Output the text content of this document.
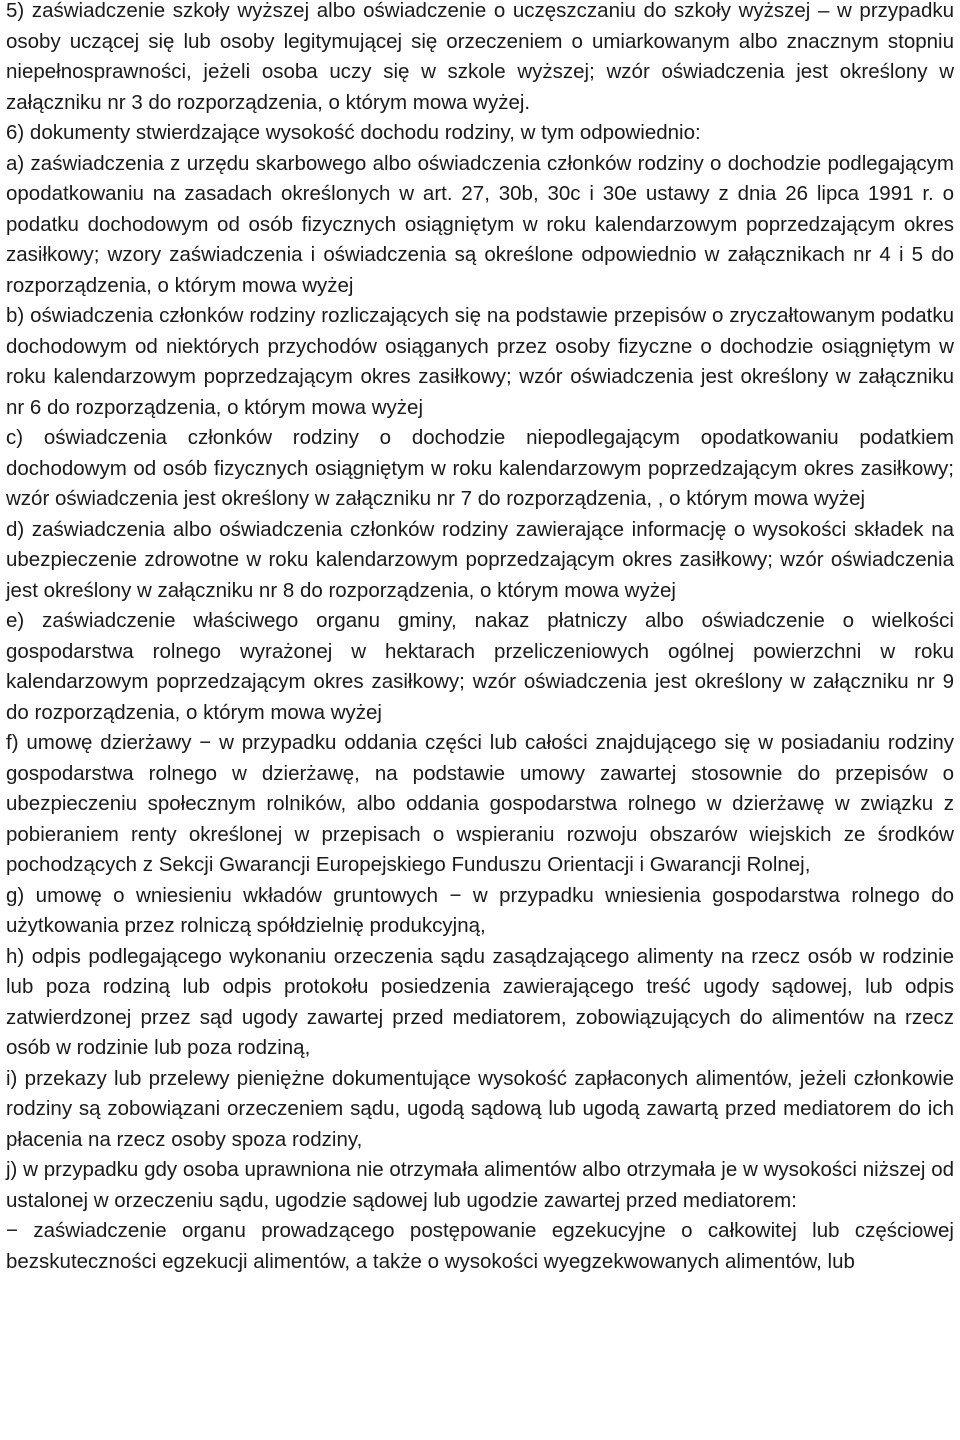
5) zaświadczenie szkoły wyższej albo oświadczenie o uczęszczaniu do szkoły wyższej – w przypadku osoby uczącej się lub osoby legitymującej się orzeczeniem o umiarkowanym albo znacznym stopniu niepełnosprawności, jeżeli osoba uczy się w szkole wyższej; wzór oświadczenia jest określony w załączniku nr 3 do rozporządzenia, o którym mowa wyżej.

6) dokumenty stwierdzające wysokość dochodu rodziny, w tym odpowiednio:

a) zaświadczenia z urzędu skarbowego albo oświadczenia członków rodziny o dochodzie podlegającym opodatkowaniu na zasadach określonych w art. 27, 30b, 30c i 30e ustawy z dnia 26 lipca 1991 r. o podatku dochodowym od osób fizycznych osiągniętym w roku kalendarzowym poprzedzającym okres zasiłkowy; wzory zaświadczenia i oświadczenia są określone odpowiednio w załącznikach nr 4 i 5 do rozporządzenia, o którym mowa wyżej

b) oświadczenia członków rodziny rozliczających się na podstawie przepisów o zryczałtowanym podatku dochodowym od niektórych przychodów osiąganych przez osoby fizyczne o dochodzie osiągniętym w roku kalendarzowym poprzedzającym okres zasiłkowy; wzór oświadczenia jest określony w załączniku nr 6 do rozporządzenia, o którym mowa wyżej

c) oświadczenia członków rodziny o dochodzie niepodlegającym opodatkowaniu podatkiem dochodowym od osób fizycznych osiągniętym w roku kalendarzowym poprzedzającym okres zasiłkowy; wzór oświadczenia jest określony w załączniku nr 7 do rozporządzenia, , o którym mowa wyżej

d) zaświadczenia albo oświadczenia członków rodziny zawierające informację o wysokości składek na ubezpieczenie zdrowotne w roku kalendarzowym poprzedzającym okres zasiłkowy; wzór oświadczenia jest określony w załączniku nr 8 do rozporządzenia, o którym mowa wyżej

e) zaświadczenie właściwego organu gminy, nakaz płatniczy albo oświadczenie o wielkości gospodarstwa rolnego wyrażonej w hektarach przeliczeniowych ogólnej powierzchni w roku kalendarzowym poprzedzającym okres zasiłkowy; wzór oświadczenia jest określony w załączniku nr 9 do rozporządzenia, o którym mowa wyżej

f) umowę dzierżawy − w przypadku oddania części lub całości znajdującego się w posiadaniu rodziny gospodarstwa rolnego w dzierżawę, na podstawie umowy zawartej stosownie do przepisów o ubezpieczeniu społecznym rolników, albo oddania gospodarstwa rolnego w dzierżawę w związku z pobieraniem renty określonej w przepisach o wspieraniu rozwoju obszarów wiejskich ze środków pochodzących z Sekcji Gwarancji Europejskiego Funduszu Orientacji i Gwarancji Rolnej,

g) umowę o wniesieniu wkładów gruntowych − w przypadku wniesienia gospodarstwa rolnego do użytkowania przez rolniczą spółdzielnię produkcyjną,

h) odpis podlegającego wykonaniu orzeczenia sądu zasądzającego alimenty na rzecz osób w rodzinie lub poza rodziną lub odpis protokołu posiedzenia zawierającego treść ugody sądowej, lub odpis zatwierdzonej przez sąd ugody zawartej przed mediatorem, zobowiązujących do alimentów na rzecz osób w rodzinie lub poza rodziną,

i) przekazy lub przelewy pieniężne dokumentujące wysokość zapłaconych alimentów, jeżeli członkowie rodziny są zobowiązani orzeczeniem sądu, ugodą sądową lub ugodą zawartą przed mediatorem do ich płacenia na rzecz osoby spoza rodziny,

j) w przypadku gdy osoba uprawniona nie otrzymała alimentów albo otrzymała je w wysokości niższej od ustalonej w orzeczeniu sądu, ugodzie sądowej lub ugodzie zawartej przed mediatorem:

− zaświadczenie organu prowadzącego postępowanie egzekucyjne o całkowitej lub częściowej bezskuteczności egzekucji alimentów, a także o wysokości wyegzekwowanych alimentów, lub
